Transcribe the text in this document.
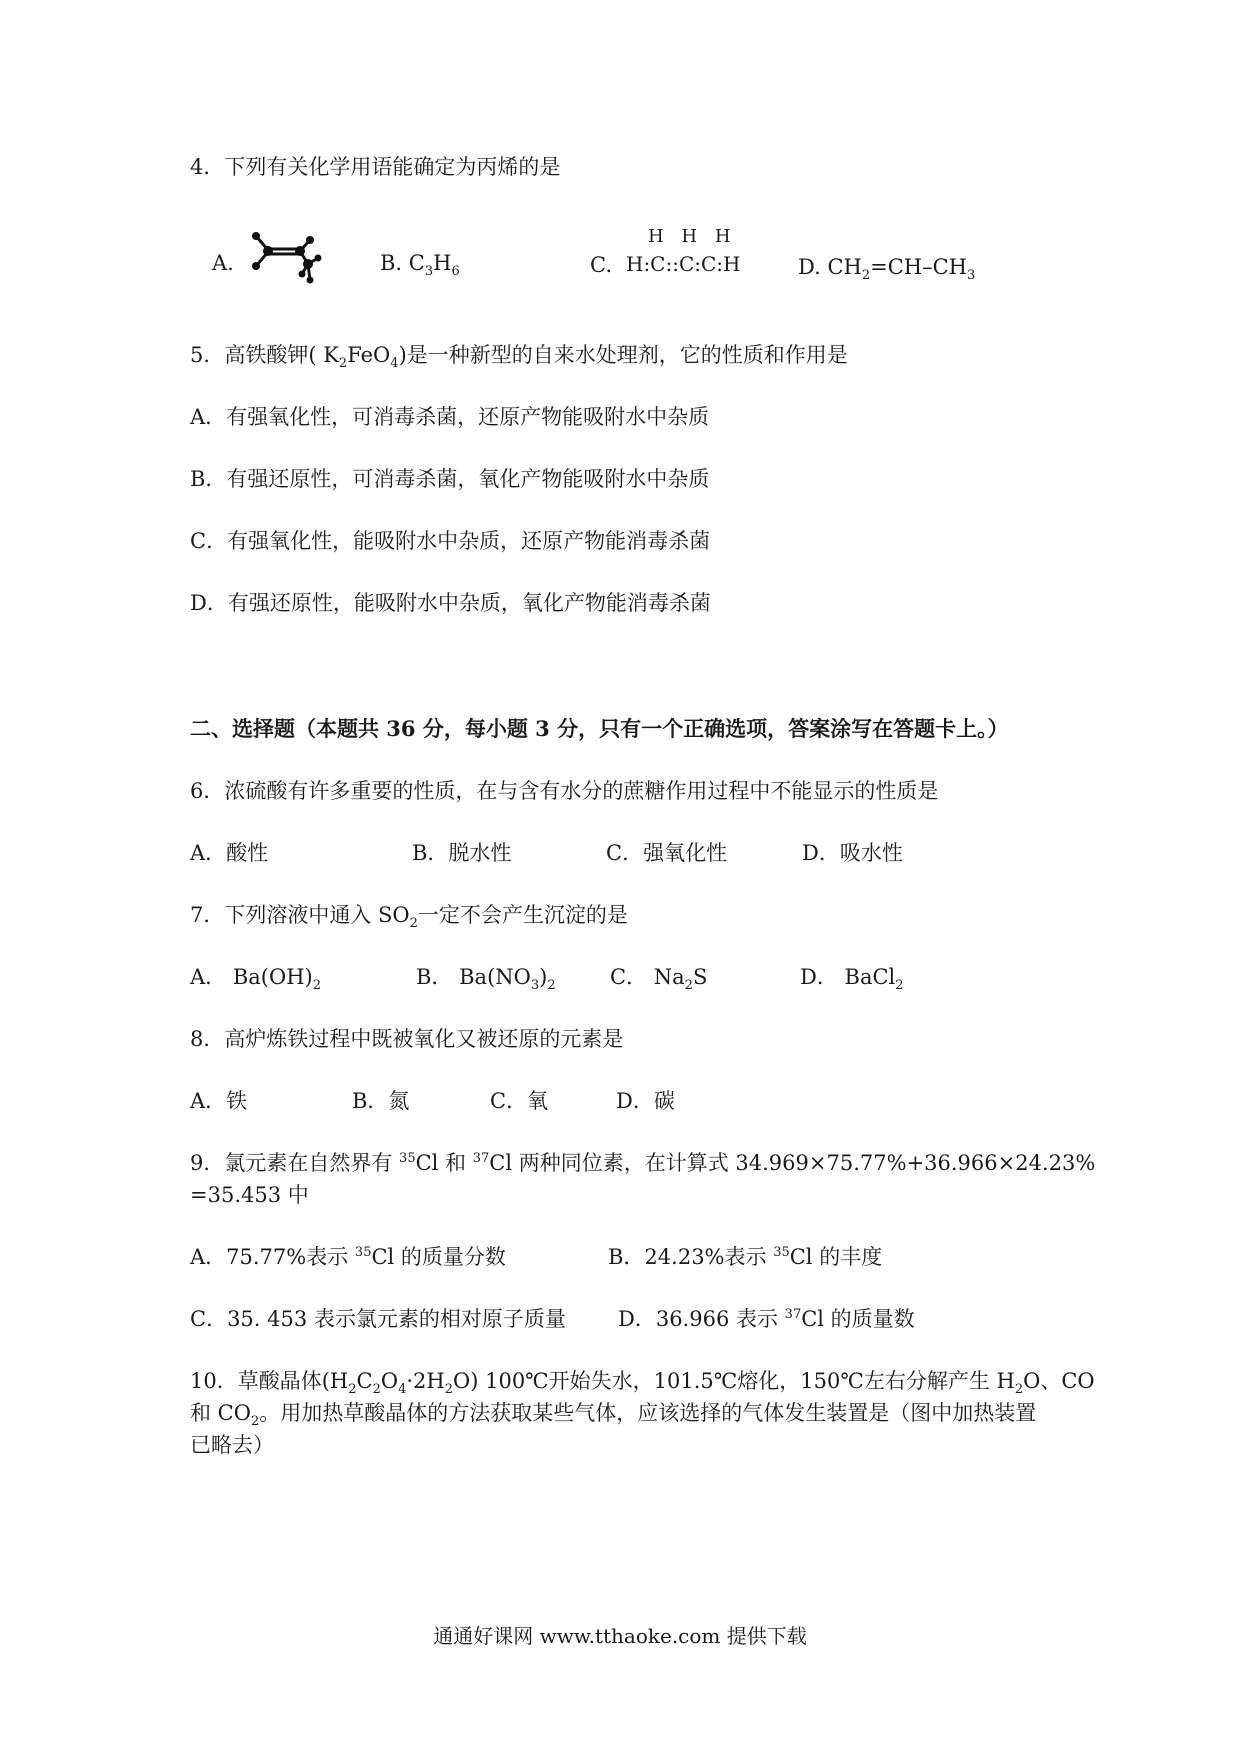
4．下列有关化学用语能确定为丙烯的是
A.	B. $C_3H_6$	C.
H H H
H:C::C:C:H	D. $CH_2=CH-CH_3$
5．高铁酸钾( $K_2FeO_4$)是一种新型的自来水处理剂，它的性质和作用是
A．有强氧化性，可消毒杀菌，还原产物能吸附水中杂质
B．有强还原性，可消毒杀菌，氧化产物能吸附水中杂质
C．有强氧化性，能吸附水中杂质，还原产物能消毒杀菌
D．有强还原性，能吸附水中杂质，氧化产物能消毒杀菌
二、选择题（本题共 36 分，每小题 3 分，只有一个正确选项，答案涂写在答题卡上。）
6．浓硫酸有许多重要的性质，在与含有水分的蔗糖作用过程中不能显示的性质是
A．酸性	B．脱水性	C．强氧化性	D．吸水性
7．下列溶液中通入 $SO_2$一定不会产生沉淀的是
A． $Ba(OH)_2$	B． $Ba(NO_3)_2$	C． $Na_2S$	D． BaCl$_2$
8．高炉炼铁过程中既被氧化又被还原的元素是
A．铁	B．氮	C．氧	D．碳
9．氯元素在自然界有 $^{35}$Cl 和 $^{37}$Cl 两种同位素，在计算式 34.969×75.77%+36.966×24.23%
=35.453 中
A．75.77%表示 $^{35}$Cl 的质量分数	B．24.23%表示 $^{35}$Cl 的丰度
C．35. 453 表示氯元素的相对原子质量 D．36.966 表示 $^{37}$Cl 的质量数
10．草酸晶体$(H_2C_2O_4\cdot 2H_2O)$ 100℃开始失水，101.5℃熔化，150℃左右分解产生 $H_2O$、CO
和 $CO_2$。用加热草酸晶体的方法获取某些气体，应该选择的气体发生装置是（图中加热装置
已略去）
通通好课网 www.tthaoke.com 提供下载
